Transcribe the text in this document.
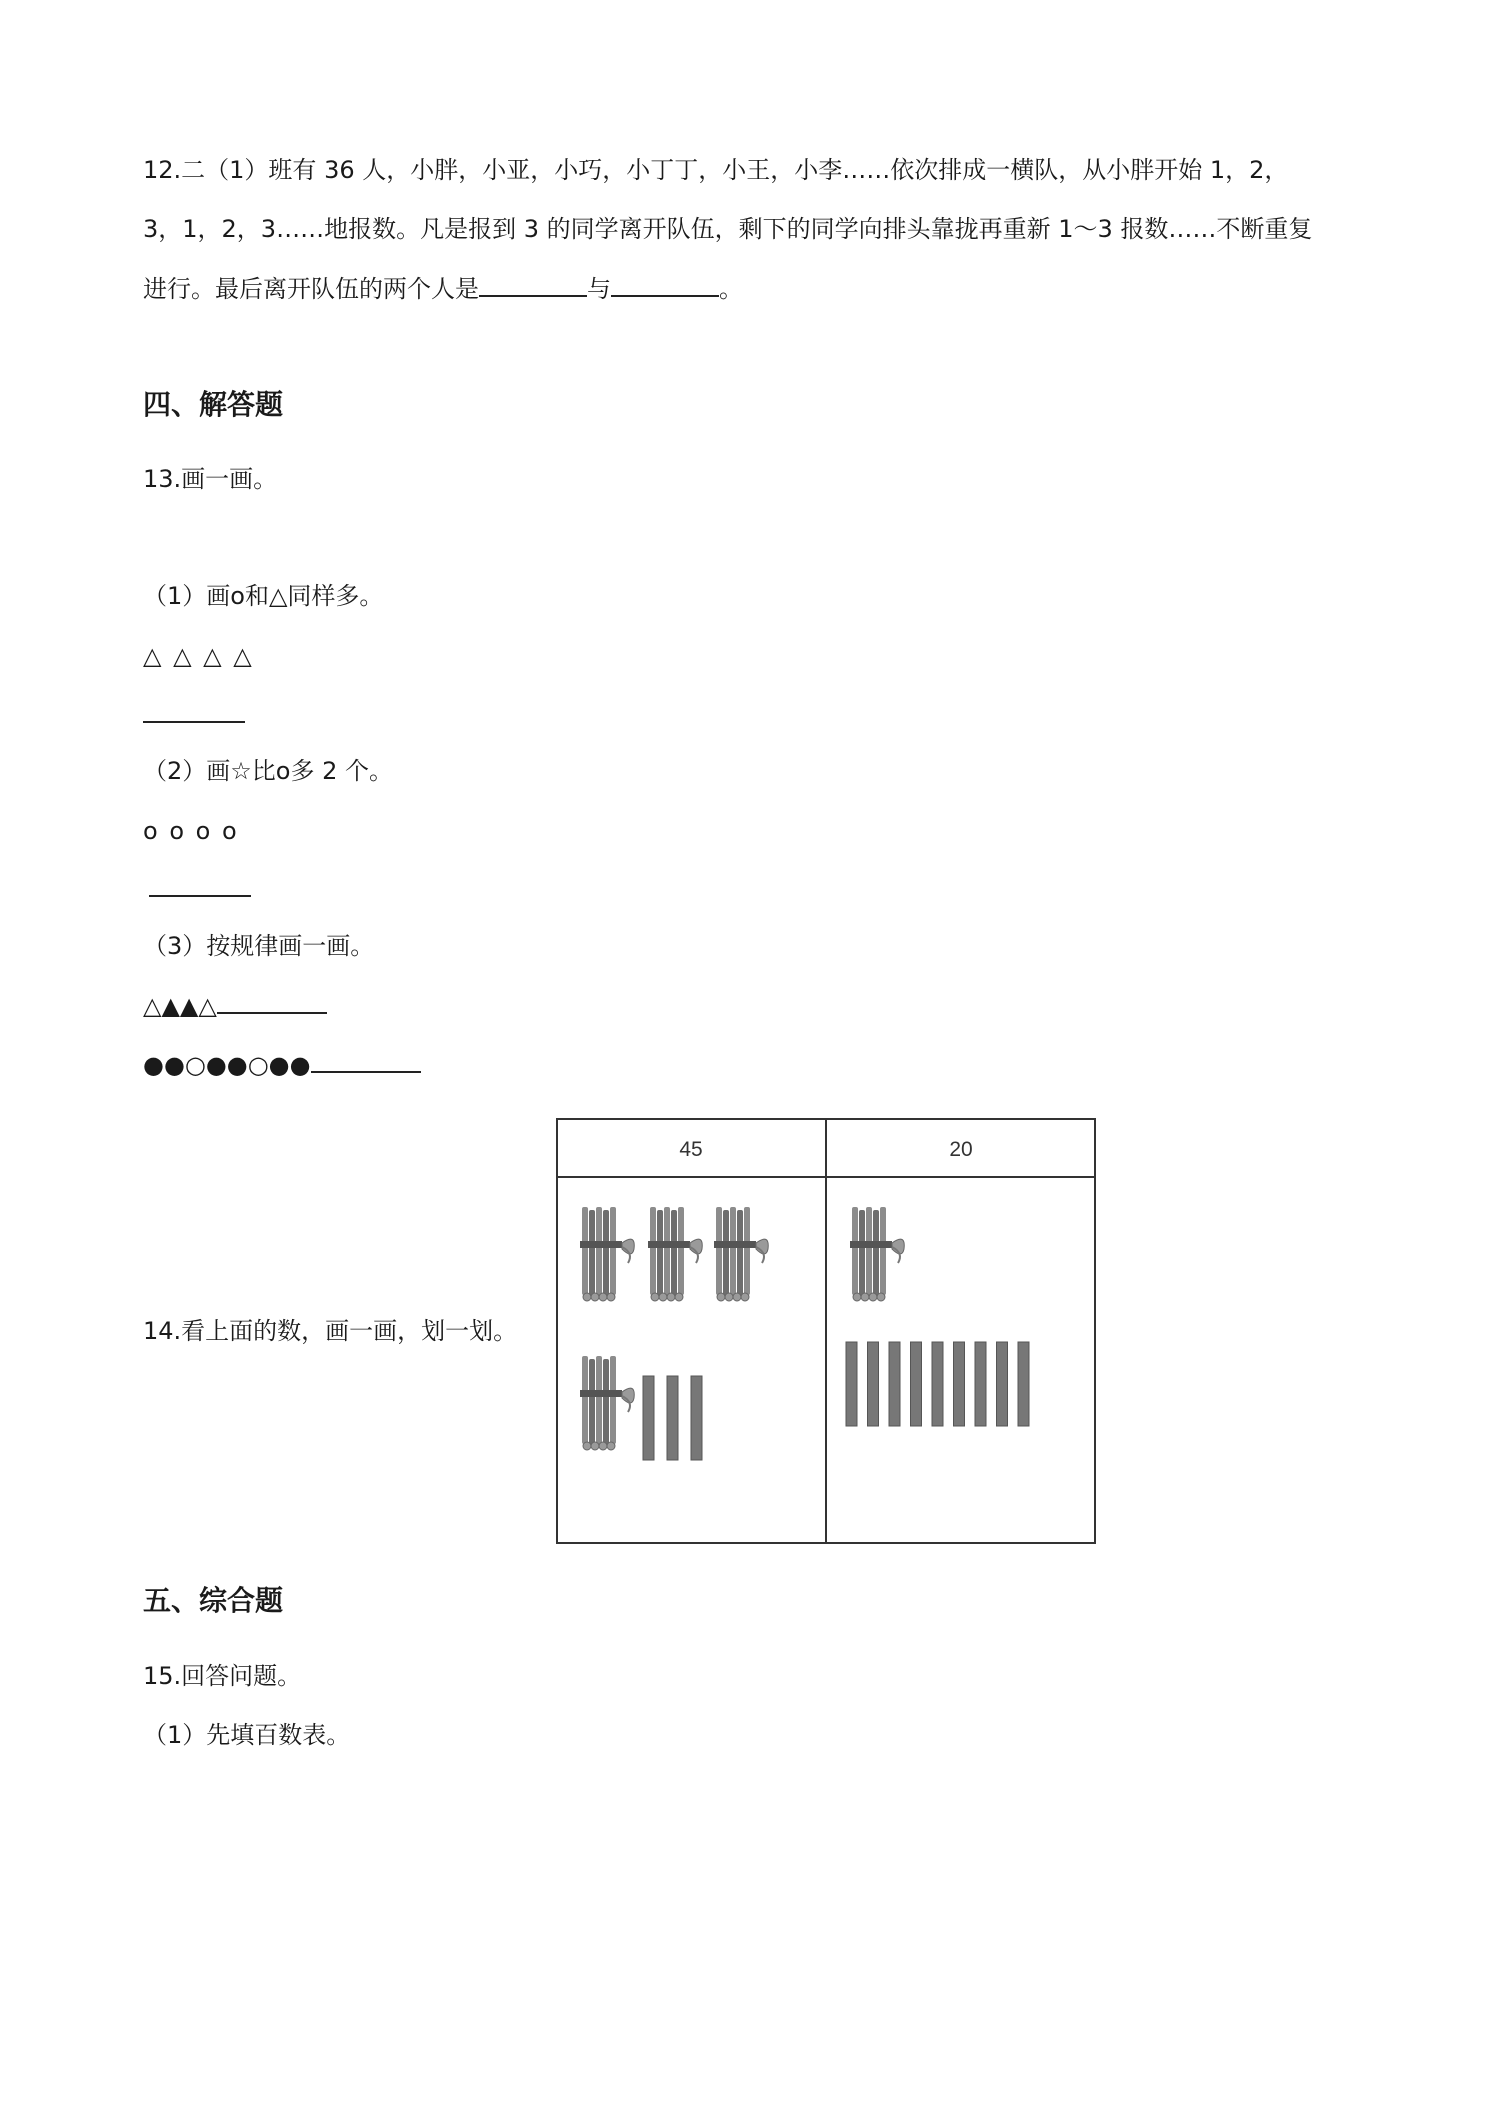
12.二（1）班有 36 人，小胖，小亚，小巧，小丁丁，小王，小李……依次排成一横队，从小胖开始 1，2，
3，1，2，3……地报数。凡是报到 3 的同学离开队伍，剩下的同学向排头靠拢再重新 1～3 报数……不断重复
进行。最后离开队伍的两个人是	与	。
四、解答题
13.画一画。
（1）画o和△同样多。
△ △ △ △
（2）画☆比o多 2 个。
o o o o
（3）按规律画一画。
△▲▲△
●●○●●○●●
14.看上面的数，画一画，划一划。
45	20
五、综合题
15.回答问题。
（1）先填百数表。
